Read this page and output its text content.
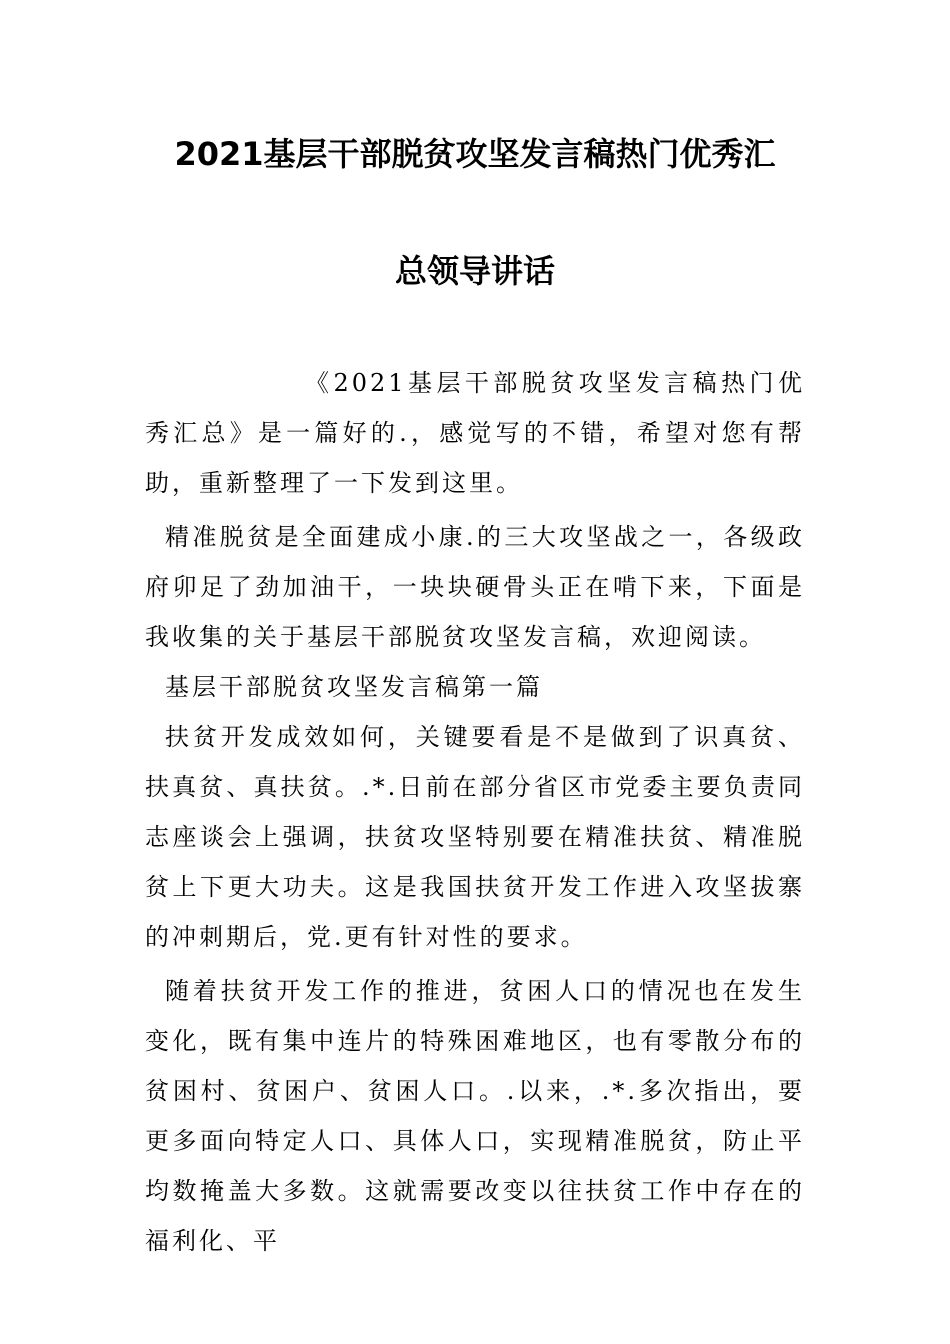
2021基层干部脱贫攻坚发言稿热门优秀汇
总领导讲话

《2021基层干部脱贫攻坚发言稿热门优秀汇总》是一篇好的.，感觉写的不错，希望对您有帮助，重新整理了一下发到这里。

精准脱贫是全面建成小康.的三大攻坚战之一，各级政府卯足了劲加油干，一块块硬骨头正在啃下来，下面是我收集的关于基层干部脱贫攻坚发言稿，欢迎阅读。

基层干部脱贫攻坚发言稿第一篇

扶贫开发成效如何，关键要看是不是做到了识真贫、扶真贫、真扶贫。.*.日前在部分省区市党委主要负责同志座谈会上强调，扶贫攻坚特别要在精准扶贫、精准脱贫上下更大功夫。这是我国扶贫开发工作进入攻坚拔寨的冲刺期后，党.更有针对性的要求。

随着扶贫开发工作的推进，贫困人口的情况也在发生变化，既有集中连片的特殊困难地区，也有零散分布的贫困村、贫困户、贫困人口。.以来，.*.多次指出，要更多面向特定人口、具体人口，实现精准脱贫，防止平均数掩盖大多数。这就需要改变以往扶贫工作中存在的福利化、平
